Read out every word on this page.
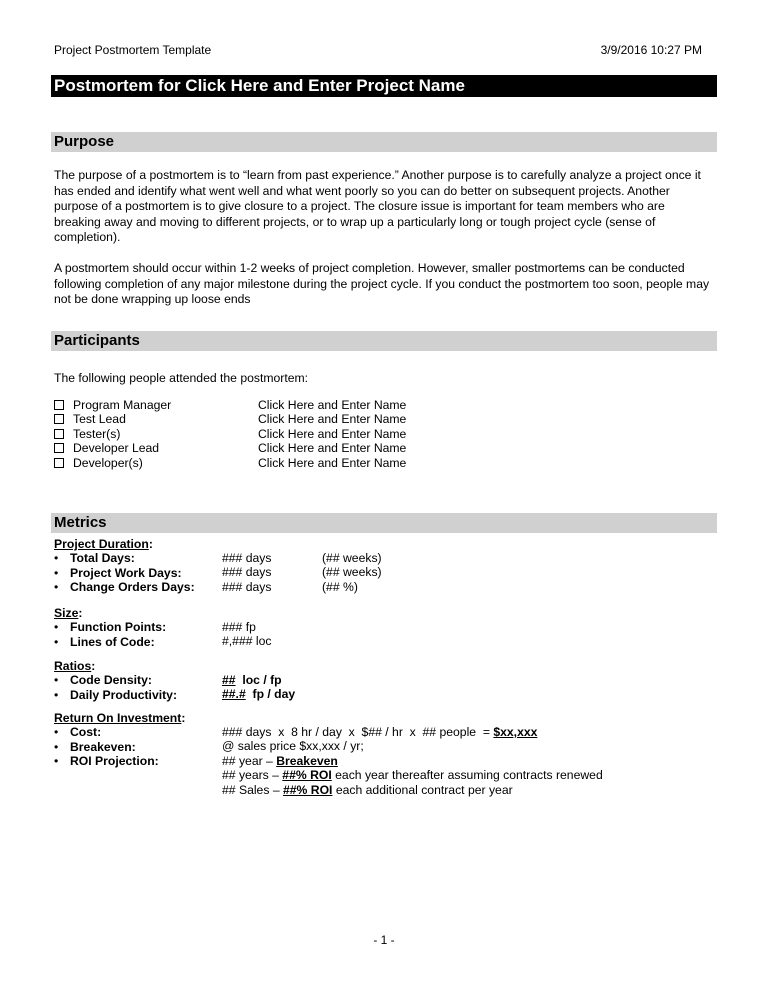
Project Postmortem Template	3/9/2016 10:27 PM
Postmortem for Click Here and Enter Project Name
Purpose

The purpose of a postmortem is to “learn from past experience.” Another purpose is to carefully analyze a project once it has ended and identify what went well and what went poorly so you can do better on subsequent projects. Another purpose of a postmortem is to give closure to a project. The closure issue is important for team members who are breaking away and moving to different projects, or to wrap up a particularly long or tough project cycle (sense of completion).

A postmortem should occur within 1-2 weeks of project completion. However, smaller postmortems can be conducted following completion of any major milestone during the project cycle. If you conduct the postmortem too soon, people may not be done wrapping up loose ends

Participants
The following people attended the postmortem:
Program Manager
Test Lead
Tester(s)
Developer Lead
Developer(s)
Click Here and Enter Name
Click Here and Enter Name
Click Here and Enter Name
Click Here and Enter Name
Click Here and Enter Name
Metrics
Project Duration:
• Total Days:
• Project Work Days:
• Change Orders Days:
### days
### days
### days
(## weeks)
(## weeks)
(## %)
Size:
• Function Points:
• Lines of Code:
### fp
#,### loc
Ratios:
• Code Density:
• Daily Productivity:
##  loc / fp
##.#  fp / day
Return On Investment:
• Cost:
• Breakeven:
• ROI Projection:
### days  x  8 hr / day  x  $## / hr  x  ## people  = $xx,xxx
@ sales price $xx,xxx / yr;
## year – Breakeven
## years – ##% ROI each year thereafter assuming contracts renewed
## Sales – ##% ROI each additional contract per year
- 1 -
